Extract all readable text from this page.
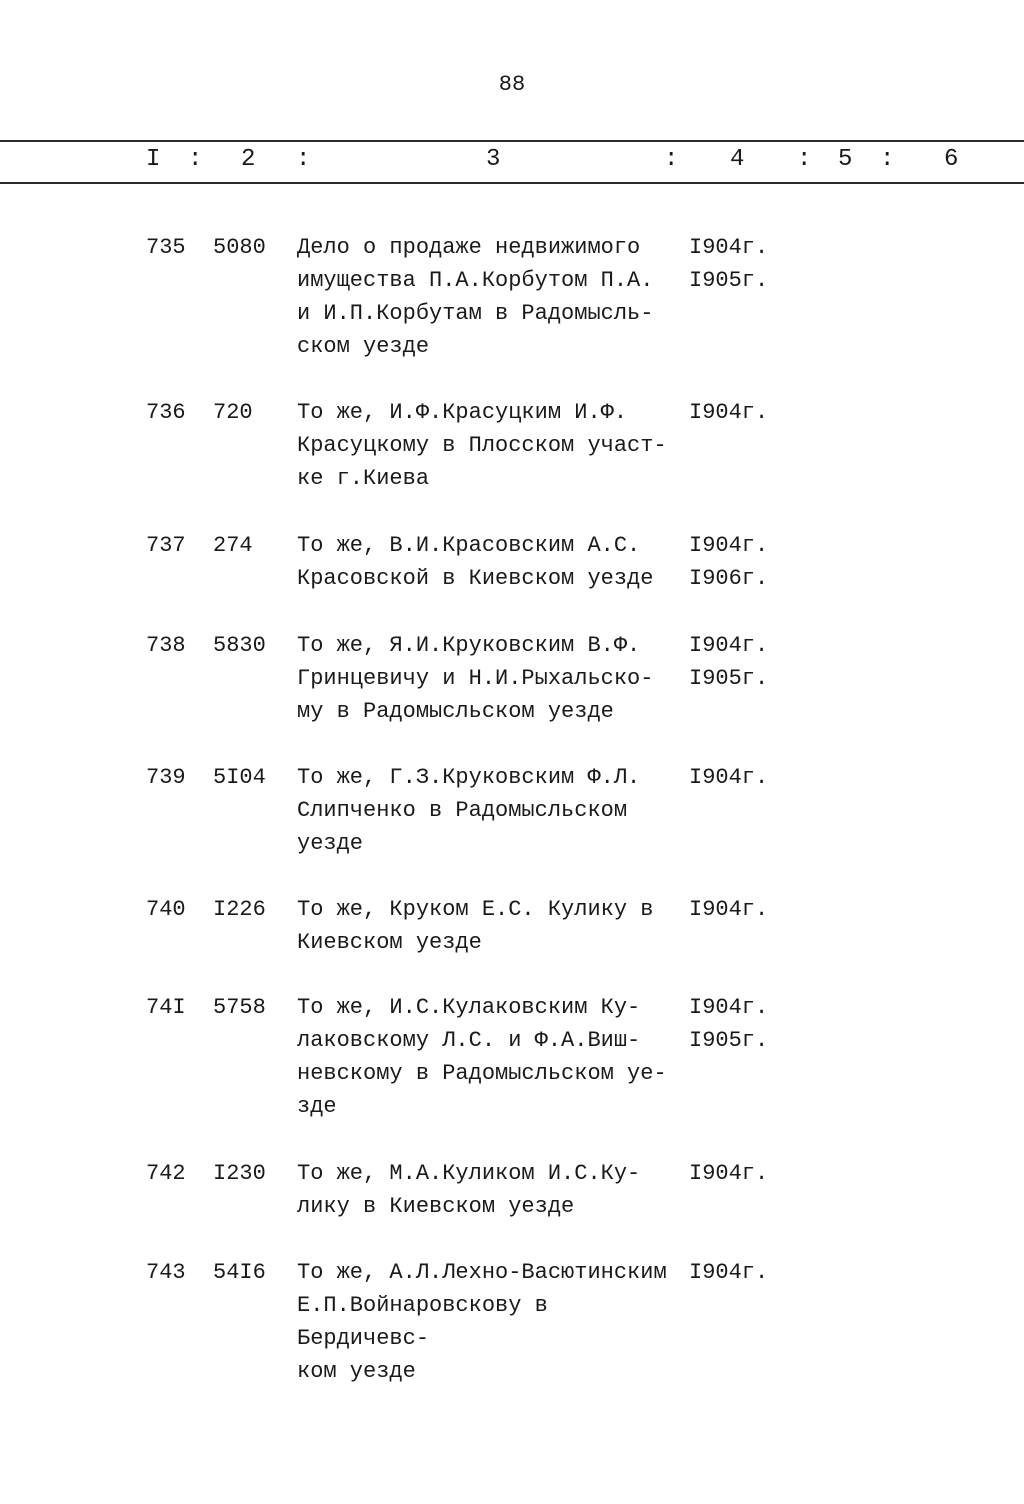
88
I : 2 :	3	: 4 : 5 : 6
735 5080 Дело о продаже недвижимого
имущества П.А.Корбутом П.А.
и И.П.Корбутам в Радомысль-
ском уезде
I904г.
I905г.
736 720 То же, И.Ф.Красуцким И.Ф.
Красуцкому в Плосском участ-
ке г.Киева
I904г.
737 274 То же, В.И.Красовским А.С.
Красовской в Киевском уезде
I904г.
I906г.
738 5830 То же, Я.И.Круковским В.Ф.
Гринцевичу и Н.И.Рыхальско-
му в Радомысльском уезде
I904г.
I905г.
739 5I04 То же, Г.З.Круковским Ф.Л.
Слипченко в Радомысльском
уезде
I904г.
740 I226 То же, Круком Е.С. Кулику в
Киевском уезде
I904г.
74I 5758 То же, И.С.Кулаковским Ку-
лаковскому Л.С. и Ф.А.Виш-
невскому в Радомысльском уе-
зде
I904г.
I905г.
742 I230 То же, М.А.Куликом И.С.Ку-
лику в Киевском уезде
I904г.
743 54I6 То же, А.Л.Лехно-Васютинским
Е.П.Войнаровскову в Бердичевс-
ком уезде
I904г.
